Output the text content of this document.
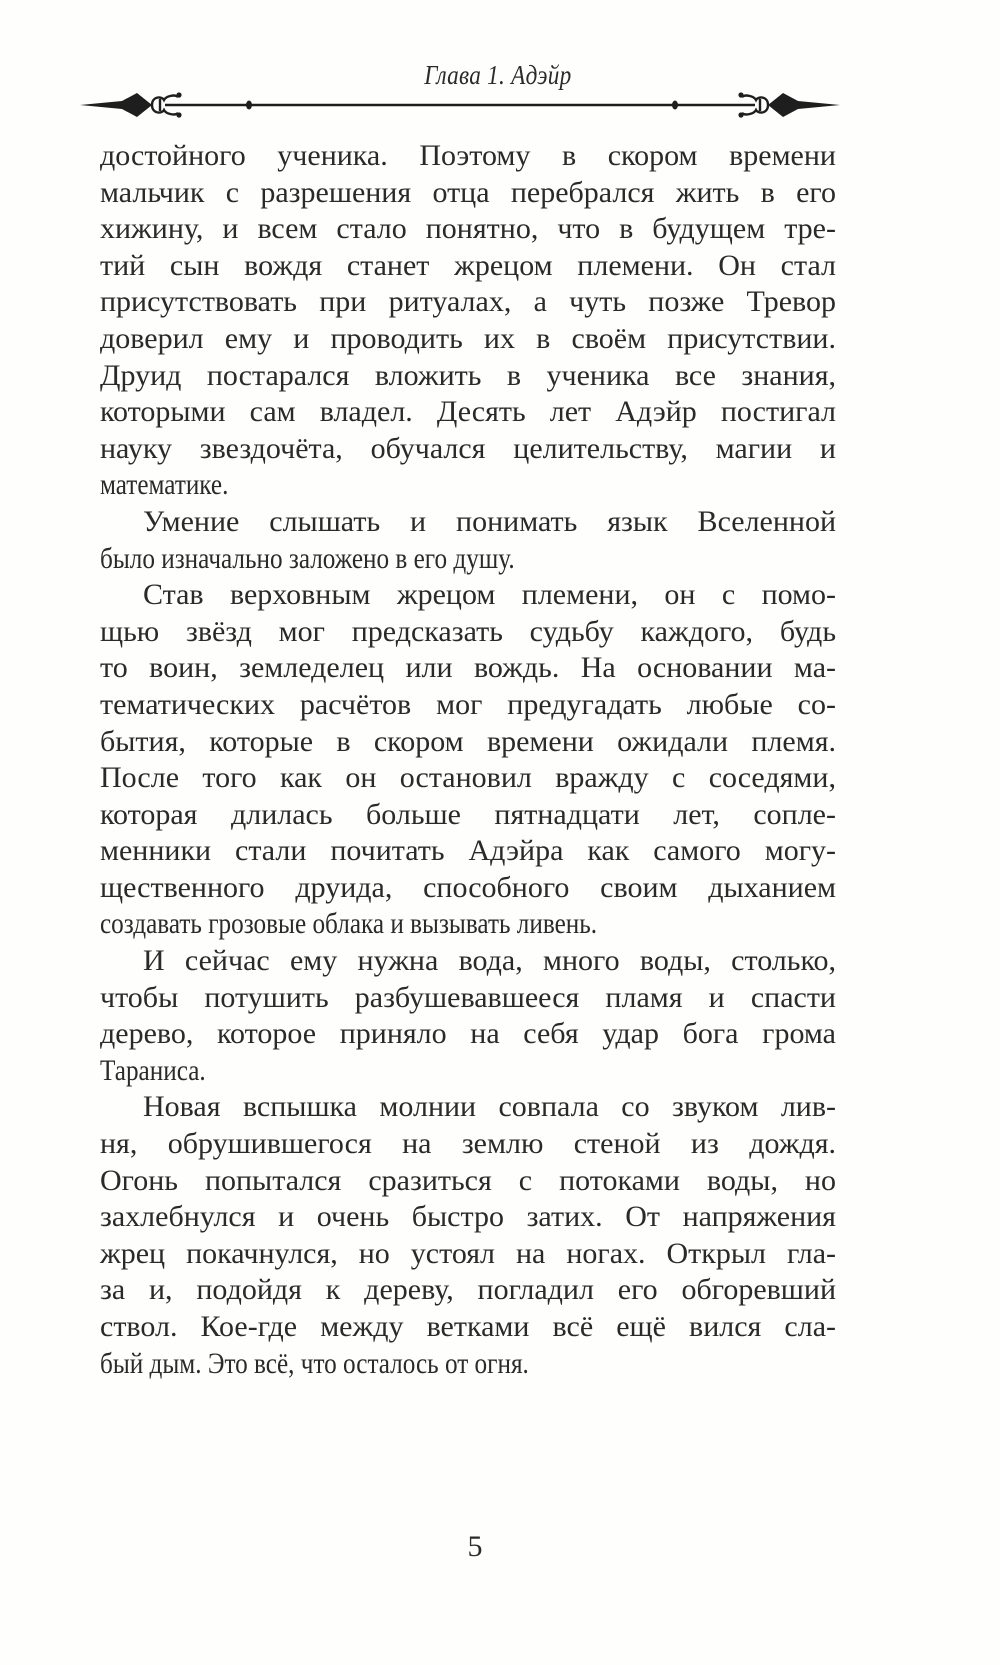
Глава 1. Адэйр

достойного ученика. Поэтому в скором времени
мальчик с разрешения отца перебрался жить в его
хижину, и всем стало понятно, что в будущем тре-
тий сын вождя станет жрецом племени. Он стал
присутствовать при ритуалах, а чуть позже Тревор
доверил ему и проводить их в своём присутствии.
Друид постарался вложить в ученика все знания,
которыми сам владел. Десять лет Адэйр постигал
науку звездочёта, обучался целительству, магии и
математике.

Умение слышать и понимать язык Вселенной
было изначально заложено в его душу.

Став верховным жрецом племени, он с помо-
щью звёзд мог предсказать судьбу каждого, будь
то воин, земледелец или вождь. На основании ма-
тематических расчётов мог предугадать любые со-
бытия, которые в скором времени ожидали племя.
После того как он остановил вражду с соседями,
которая длилась больше пятнадцати лет, сопле-
менники стали почитать Адэйра как самого могу-
щественного друида, способного своим дыханием
создавать грозовые облака и вызывать ливень.

И сейчас ему нужна вода, много воды, столько,
чтобы потушить разбушевавшееся пламя и спасти
дерево, которое приняло на себя удар бога грома
Тараниса.

Новая вспышка молнии совпала со звуком лив-
ня, обрушившегося на землю стеной из дождя.
Огонь попытался сразиться с потоками воды, но
захлебнулся и очень быстро затих. От напряжения
жрец покачнулся, но устоял на ногах. Открыл гла-
за и, подойдя к дереву, погладил его обгоревший
ствол. Кое-где между ветками всё ещё вился сла-
бый дым. Это всё, что осталось от огня.

5
